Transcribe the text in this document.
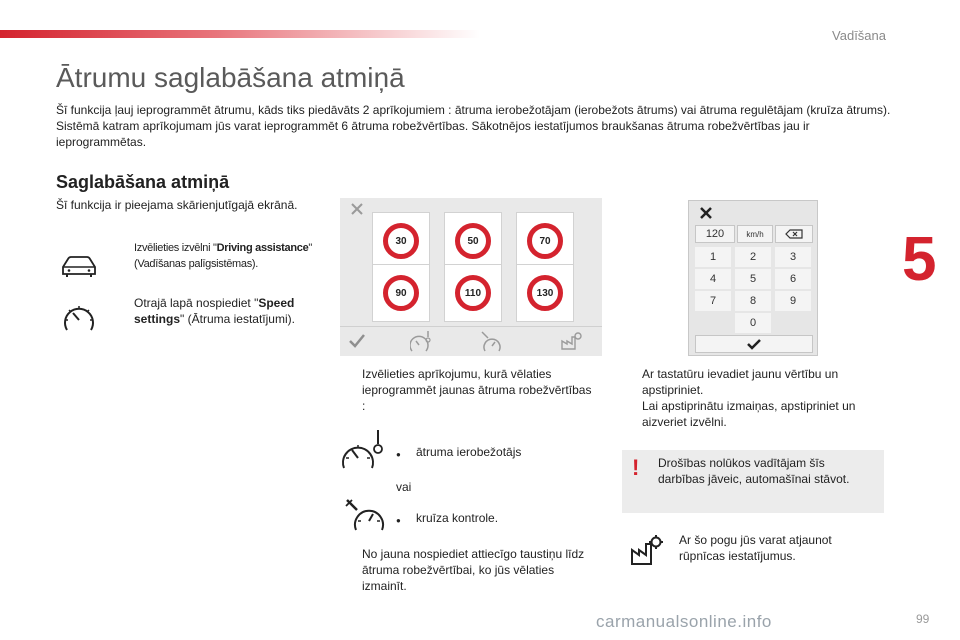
Vadīšana
5
Ātrumu saglabāšana atmiņā

Šī funkcija ļauj ieprogrammēt ātrumu, kāds tiks piedāvāts 2 aprīkojumiem : ātruma ierobežotājam (ierobežots ātrums) vai ātruma regulētājam (kruīza ātrums).
Sistēmā katram aprīkojumam jūs varat ieprogrammēt 6 ātruma robežvērtības. Sākotnējos iestatījumos braukšanas ātruma robežvērtības jau ir ieprogrammētas.

Saglabāšana atmiņā

Šī funkcija ir pieejama skārienjutīgajā ekrānā.

Izvēlieties izvēlni "Driving assistance" (Vadīšanas palīgsistēmas).
Otrajā lapā nospiediet "Speed settings" (Ātruma iestatījumi).
30	50	70
90	110	130
120	km/h
1	2	3
4	5	6
7	8	9
0
Izvēlieties aprīkojumu, kurā vēlaties ieprogrammēt jaunas ātruma robežvērtības :
●	ātruma ierobežotājs
vai
●	kruīza kontrole.
No jauna nospiediet attiecīgo taustiņu līdz ātruma robežvērtībai, ko jūs vēlaties izmainīt.
Ar tastatūru ievadiet jaunu vērtību un apstipriniet.
Lai apstiprinātu izmaiņas, apstipriniet un aizveriet izvēlni.
! Drošības nolūkos vadītājam šīs darbības jāveic, automašīnai stāvot.
Ar šo pogu jūs varat atjaunot rūpnīcas iestatījumus.
carmanualsonline.info	99
